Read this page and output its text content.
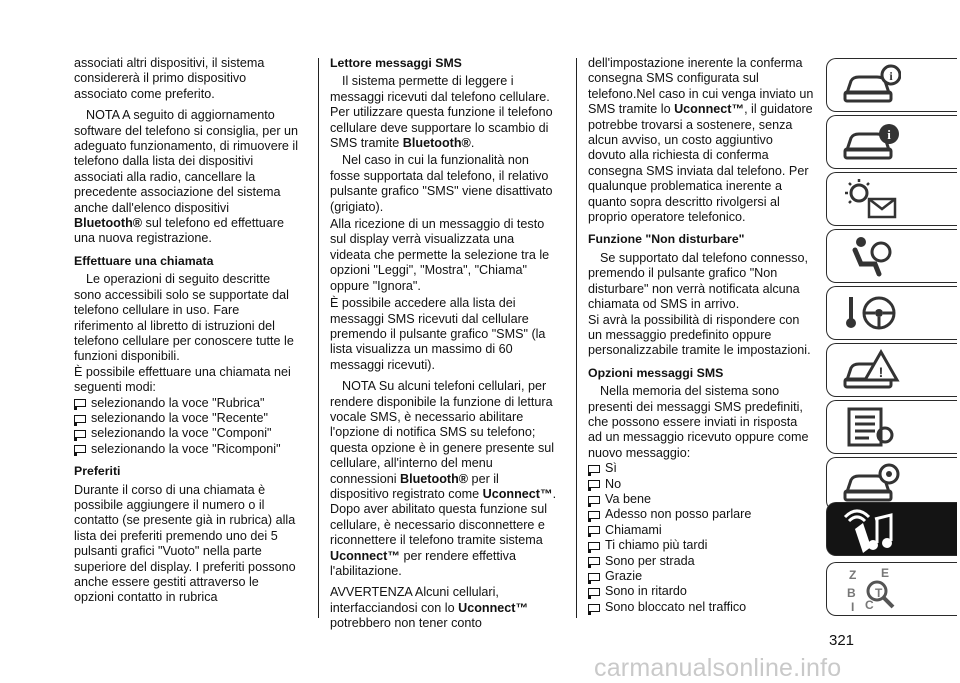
associati altri dispositivi, il sistema considererà il primo dispositivo associato come preferito.

NOTA A seguito di aggiornamento software del telefono si consiglia, per un adeguato funzionamento, di rimuovere il telefono dalla lista dei dispositivi associati alla radio, cancellare la precedente associazione del sistema anche dall'elenco dispositivi Bluetooth® sul telefono ed effettuare una nuova registrazione.

Effettuare una chiamata

Le operazioni di seguito descritte sono accessibili solo se supportate dal telefono cellulare in uso. Fare riferimento al libretto di istruzioni del telefono cellulare per conoscere tutte le funzioni disponibili.

È possibile effettuare una chiamata nei seguenti modi:

selezionando la voce "Rubrica"
selezionando la voce "Recente"
selezionando la voce "Componi"
selezionando la voce "Ricomponi"
Preferiti

Durante il corso di una chiamata è possibile aggiungere il numero o il contatto (se presente già in rubrica) alla lista dei preferiti premendo uno dei 5 pulsanti grafici "Vuoto" nella parte superiore del display. I preferiti possono anche essere gestiti attraverso le opzioni contatto in rubrica

Lettore messaggi SMS

Il sistema permette di leggere i messaggi ricevuti dal telefono cellulare. Per utilizzare questa funzione il telefono cellulare deve supportare lo scambio di SMS tramite Bluetooth®.

Nel caso in cui la funzionalità non fosse supportata dal telefono, il relativo pulsante grafico "SMS" viene disattivato (grigiato).

Alla ricezione di un messaggio di testo sul display verrà visualizzata una videata che permette la selezione tra le opzioni "Leggi", "Mostra", "Chiama" oppure "Ignora".

È possibile accedere alla lista dei messaggi SMS ricevuti dal cellulare premendo il pulsante grafico "SMS" (la lista visualizza un massimo di 60 messaggi ricevuti).

NOTA Su alcuni telefoni cellulari, per rendere disponibile la funzione di lettura vocale SMS, è necessario abilitare l'opzione di notifica SMS su telefono; questa opzione è in genere presente sul cellulare, all'interno del menu connessioni Bluetooth® per il dispositivo registrato come Uconnect™. Dopo aver abilitato questa funzione sul cellulare, è necessario disconnettere e riconnettere il telefono tramite sistema Uconnect™ per rendere effettiva l'abilitazione.

AVVERTENZA Alcuni cellulari, interfacciandosi con lo Uconnect™ potrebbero non tener conto

dell'impostazione inerente la conferma consegna SMS configurata sul telefono.Nel caso in cui venga inviato un SMS tramite lo Uconnect™, il guidatore potrebbe trovarsi a sostenere, senza alcun avviso, un costo aggiuntivo dovuto alla richiesta di conferma consegna SMS inviata dal telefono. Per qualunque problematica inerente a quanto sopra descritto rivolgersi al proprio operatore telefonico.

Funzione "Non disturbare"

Se supportato dal telefono connesso, premendo il pulsante grafico "Non disturbare" non verrà notificata alcuna chiamata od SMS in arrivo.

Si avrà la possibilità di rispondere con un messaggio predefinito oppure personalizzabile tramite le impostazioni.

Opzioni messaggi SMS

Nella memoria del sistema sono presenti dei messaggi SMS predefiniti, che possono essere inviati in risposta ad un messaggio ricevuto oppure come nuovo messaggio:

Sì
No
Va bene
Adesso non posso parlare
Chiamami
Ti chiamo più tardi
Sono per strada
Grazie
Sono in ritardo
Sono bloccato nel traffico
i
i
!
Z E
B
C
I
T
321
carmanualsonline.info
